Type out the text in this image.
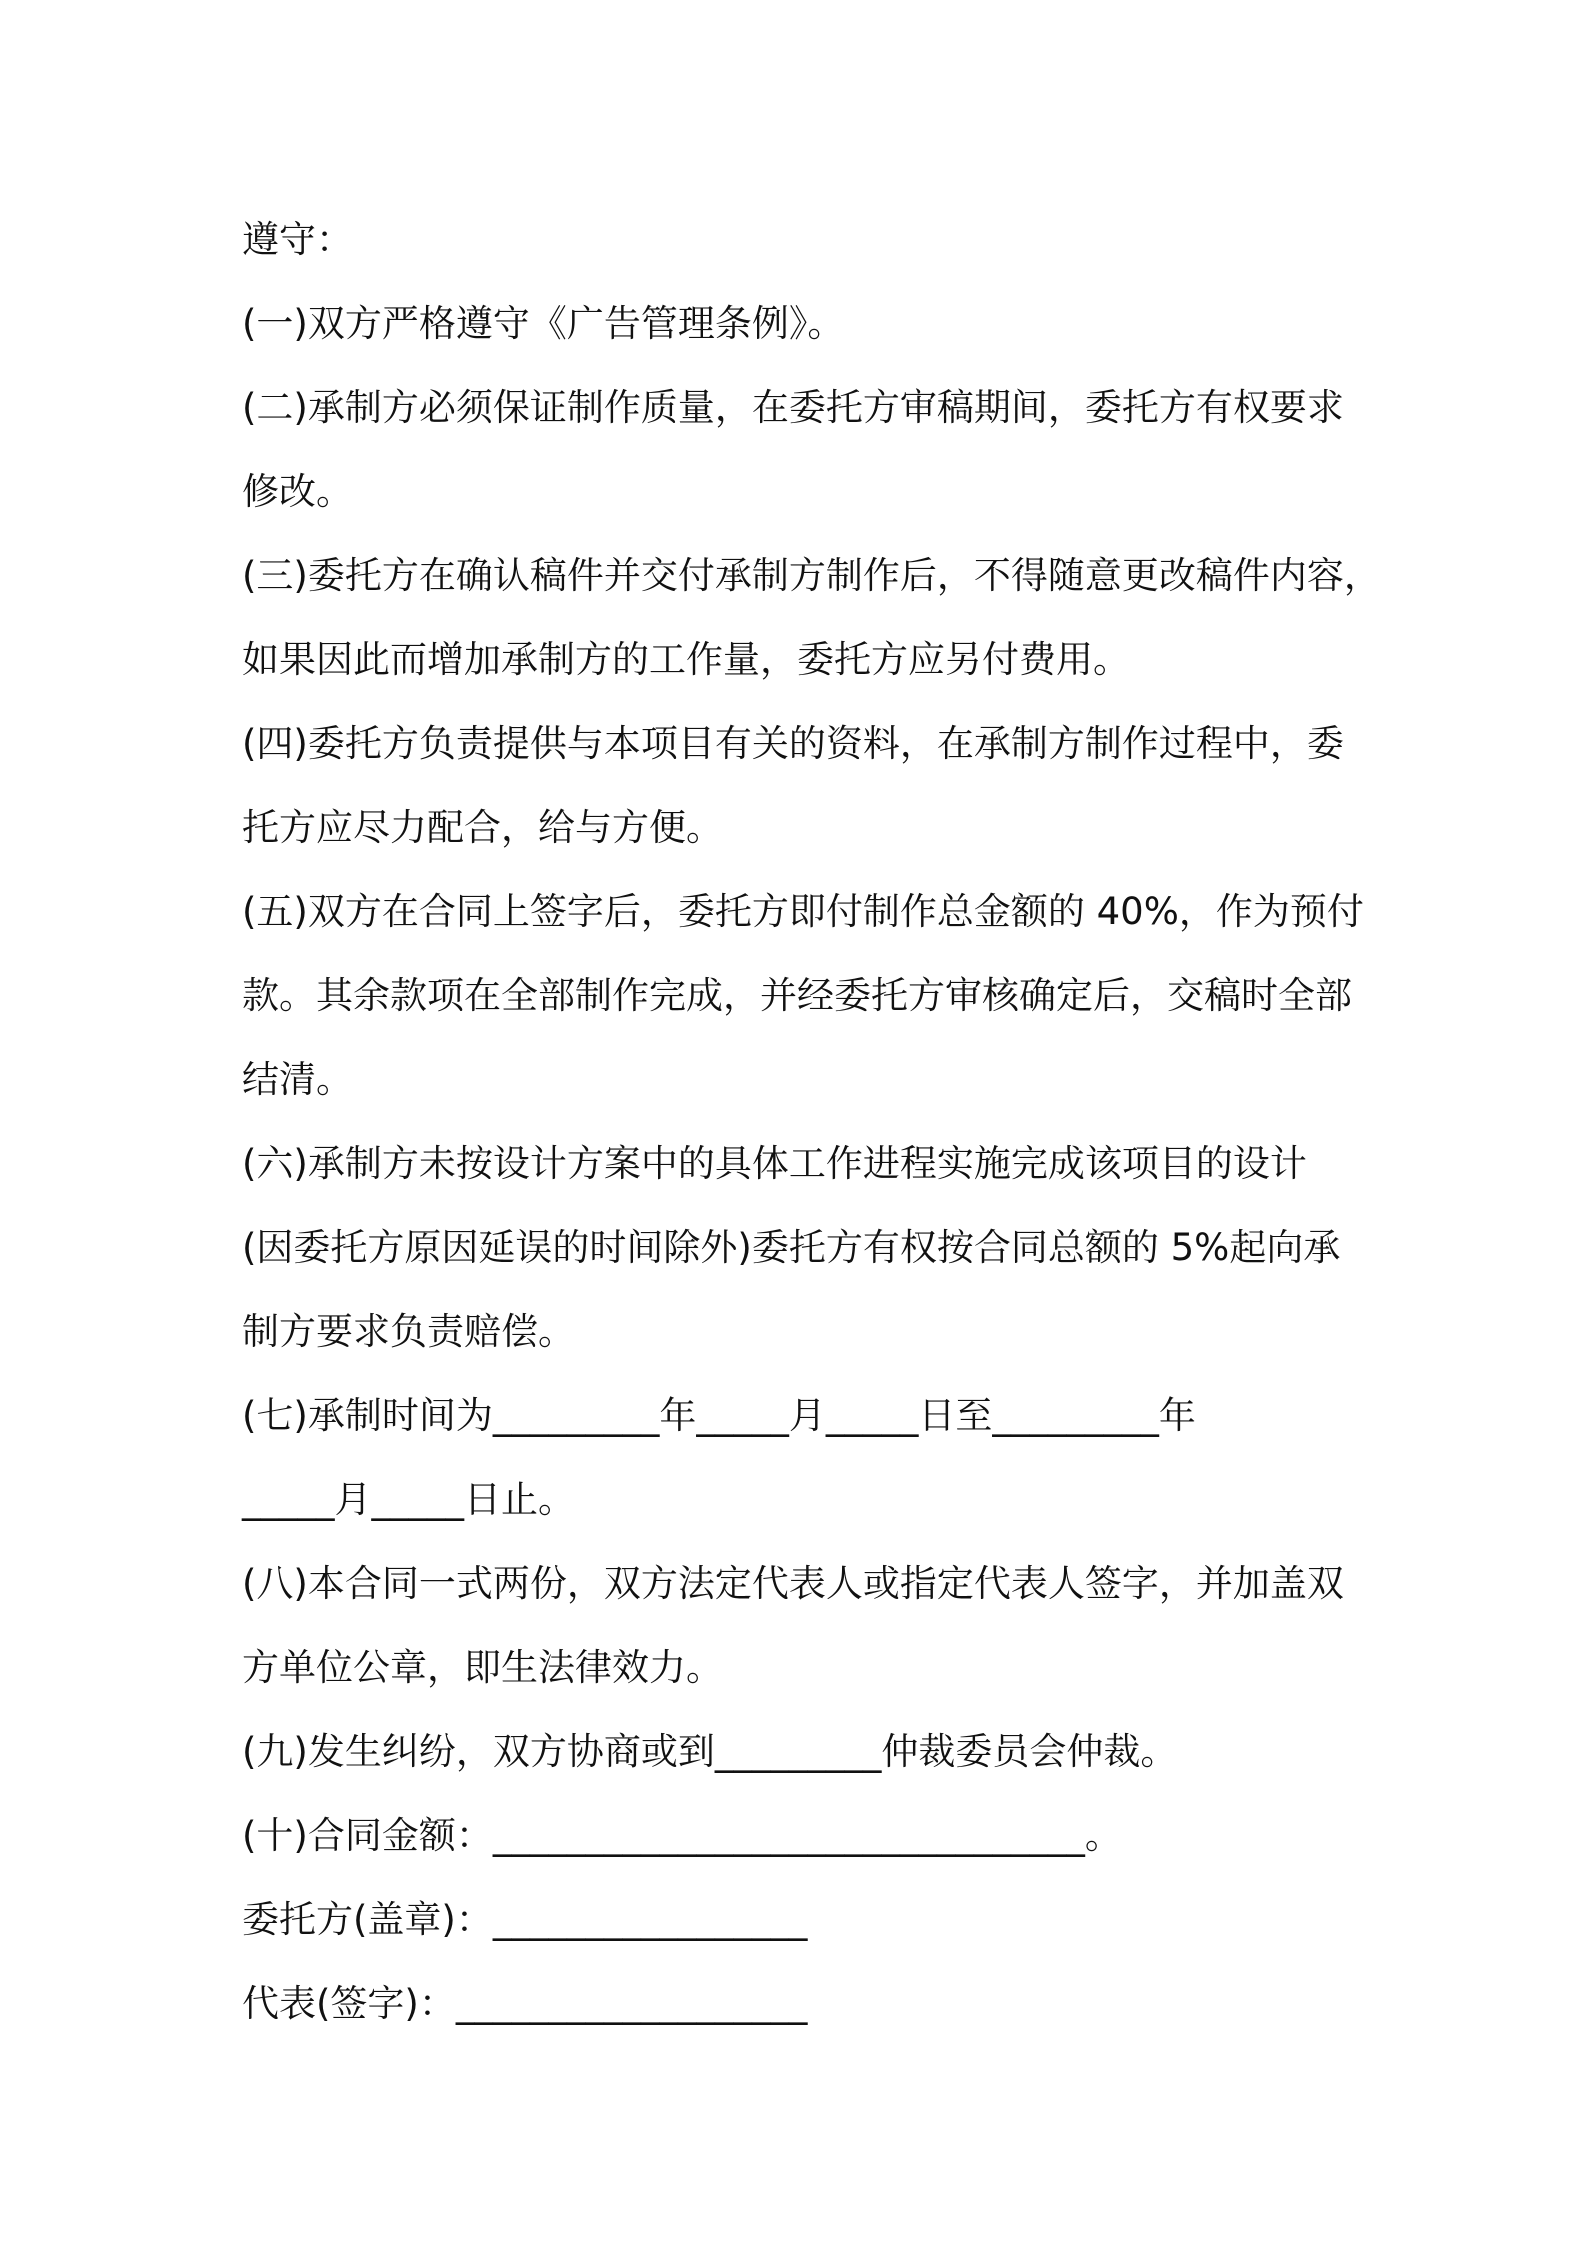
遵守：
(一)双方严格遵守《广告管理条例》。
(二)承制方必须保证制作质量，在委托方审稿期间，委托方有权要求
修改。
(三)委托方在确认稿件并交付承制方制作后，不得随意更改稿件内容，
如果因此而增加承制方的工作量，委托方应另付费用。
(四)委托方负责提供与本项目有关的资料，在承制方制作过程中，委
托方应尽力配合，给与方便。
(五)双方在合同上签字后，委托方即付制作总金额的 40%，作为预付
款。其余款项在全部制作完成，并经委托方审核确定后，交稿时全部
结清。
(六)承制方未按设计方案中的具体工作进程实施完成该项目的设计
(因委托方原因延误的时间除外)委托方有权按合同总额的 5%起向承
制方要求负责赔偿。
(七)承制时间为_________年_____月_____日至_________年
_____月_____日止。
(八)本合同一式两份，双方法定代表人或指定代表人签字，并加盖双
方单位公章，即生法律效力。
(九)发生纠纷，双方协商或到_________仲裁委员会仲裁。
(十)合同金额：________________________________。
委托方(盖章)：_________________
代表(签字)：___________________
